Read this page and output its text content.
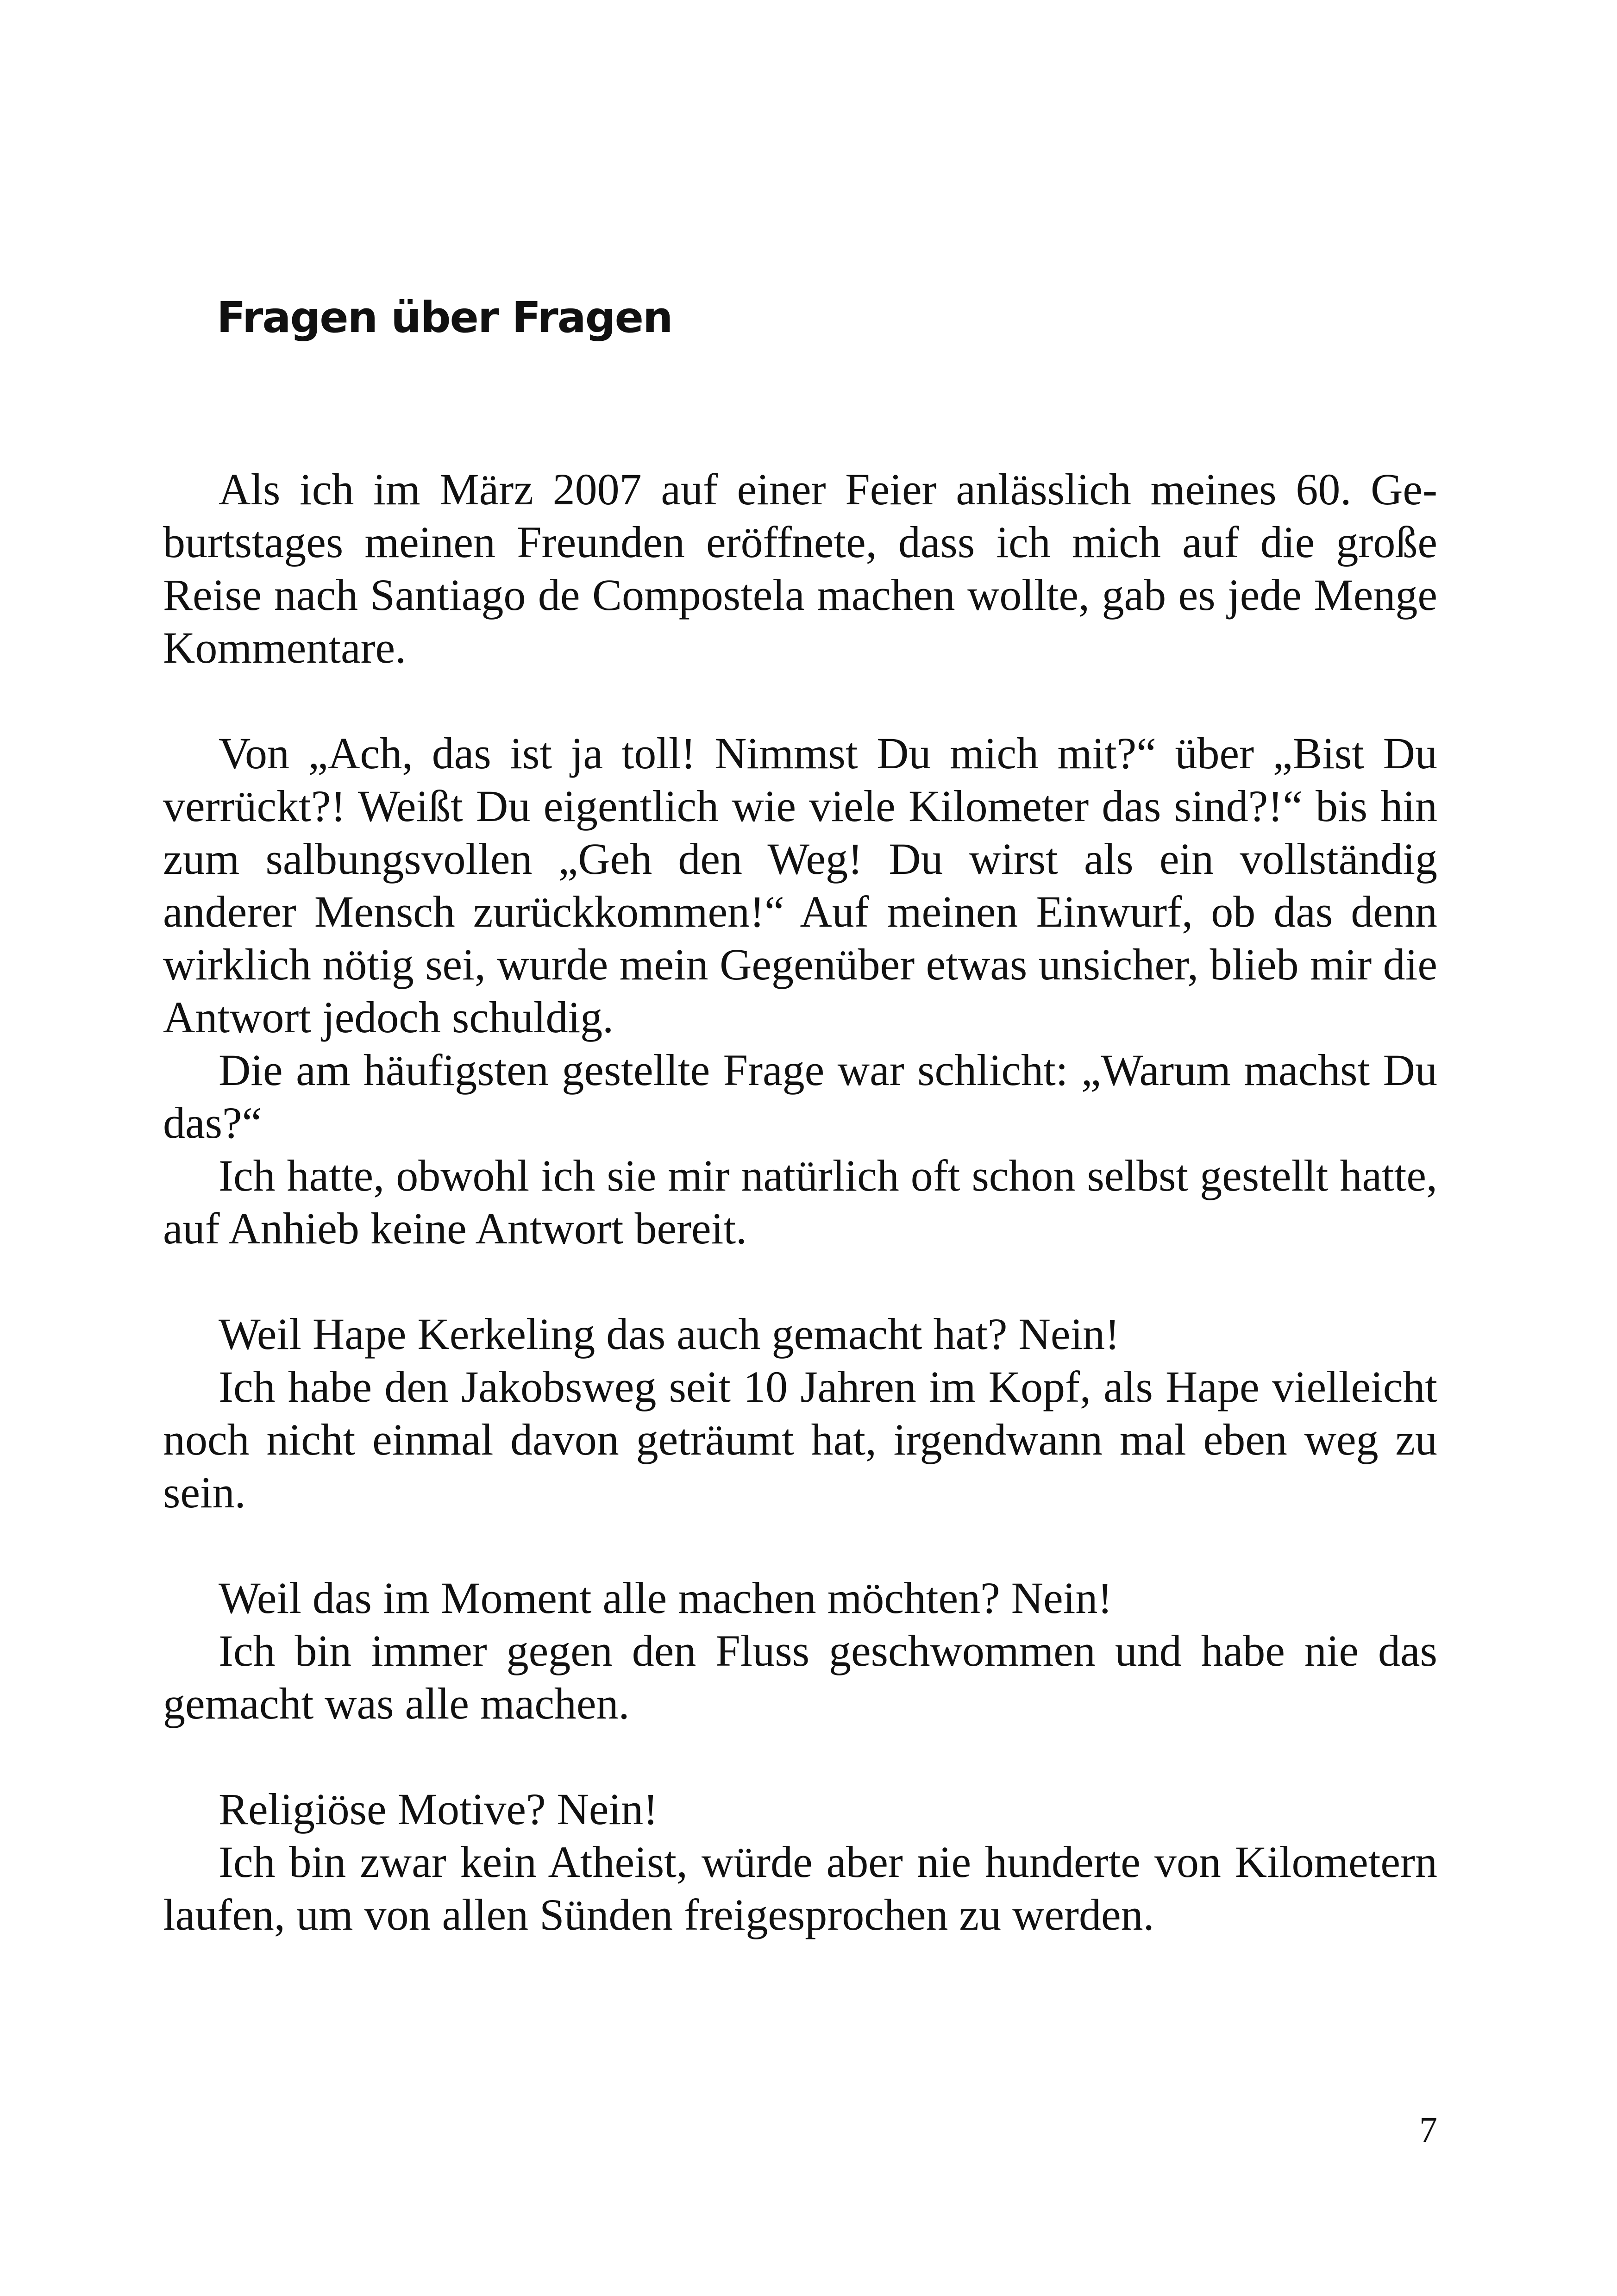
Fragen über Fragen

Als ich im März 2007 auf einer Feier anlässlich meines 60. Geburtstages meinen Freunden eröffnete, dass ich mich auf die große Reise nach Santiago de Compostela machen wollte, gab es jede Menge Kommentare.

Von „Ach, das ist ja toll! Nimmst Du mich mit?“ über „Bist Du verrückt?! Weißt Du eigentlich wie viele Kilometer das sind?!“ bis hin zum salbungsvollen „Geh den Weg! Du wirst als ein vollständig anderer Mensch zurückkommen!“ Auf meinen Einwurf, ob das denn wirklich nötig sei, wurde mein Gegenüber etwas unsicher, blieb mir die Antwort jedoch schuldig.

Die am häufigsten gestellte Frage war schlicht: „Warum machst Du das?“

Ich hatte, obwohl ich sie mir natürlich oft schon selbst gestellt hatte, auf Anhieb keine Antwort bereit.

Weil Hape Kerkeling das auch gemacht hat? Nein!

Ich habe den Jakobsweg seit 10 Jahren im Kopf, als Hape vielleicht noch nicht einmal davon geträumt hat, irgendwann mal eben weg zu sein.

Weil das im Moment alle machen möchten? Nein!

Ich bin immer gegen den Fluss geschwommen und habe nie das gemacht was alle machen.

Religiöse Motive? Nein!

Ich bin zwar kein Atheist, würde aber nie hunderte von Kilometern laufen, um von allen Sünden freigesprochen zu werden.

7
